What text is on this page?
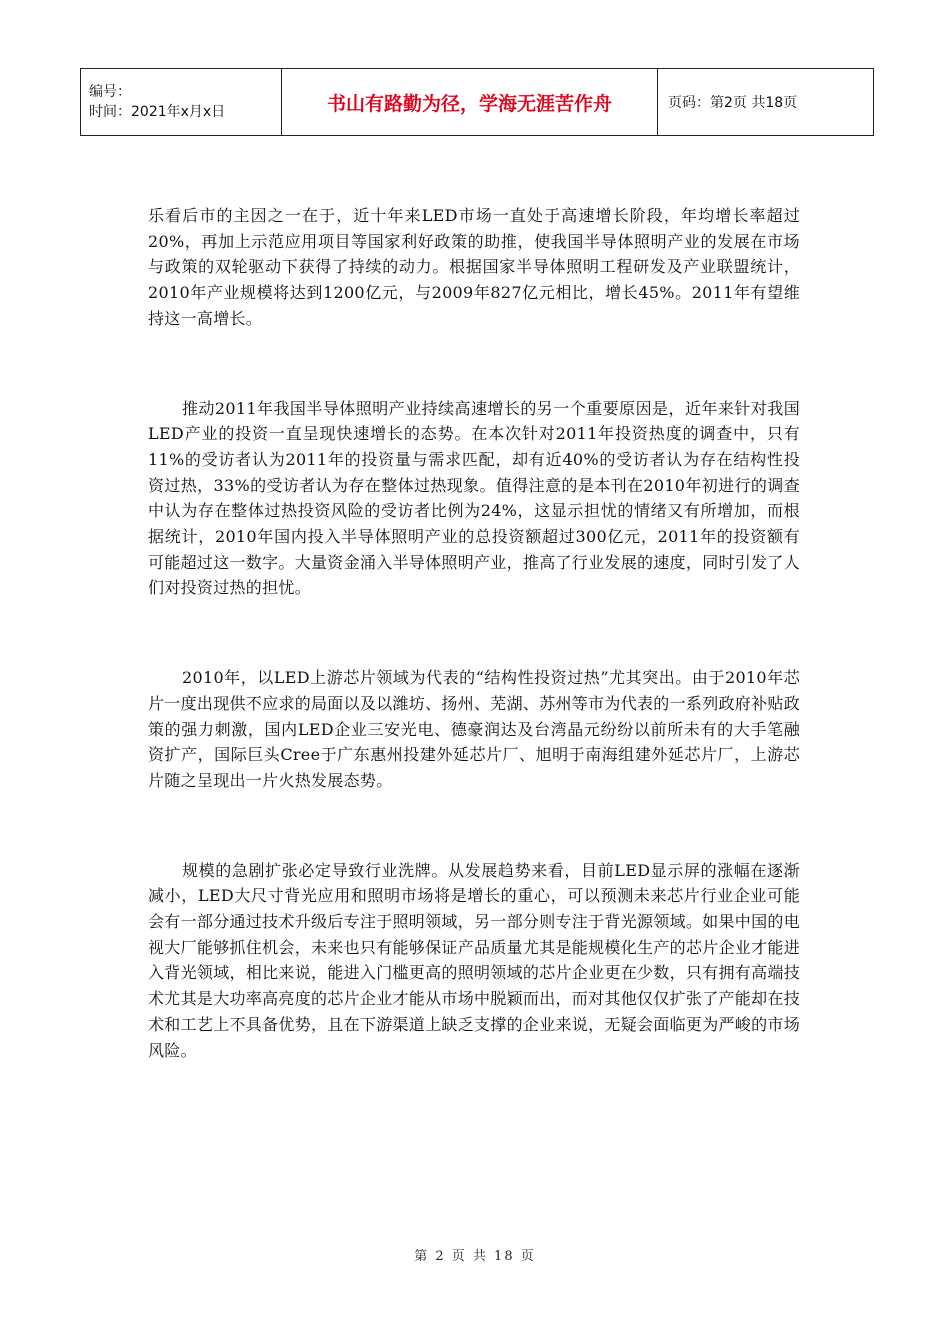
编号：
时间：2021年x月x日	书山有路勤为径，学海无涯苦作舟	页码：第2页 共18页

乐看后市的主因之一在于，近十年来LED市场一直处于高速增长阶段，年均增长率超过20%，再加上示范应用项目等国家利好政策的助推，使我国半导体照明产业的发展在市场与政策的双轮驱动下获得了持续的动力。根据国家半导体照明工程研发及产业联盟统计，2010年产业规模将达到1200亿元，与2009年827亿元相比，增长45%。2011年有望维持这一高增长。

推动2011年我国半导体照明产业持续高速增长的另一个重要原因是，近年来针对我国LED产业的投资一直呈现快速增长的态势。在本次针对2011年投资热度的调查中，只有11%的受访者认为2011年的投资量与需求匹配，却有近40%的受访者认为存在结构性投资过热，33%的受访者认为存在整体过热现象。值得注意的是本刊在2010年初进行的调查中认为存在整体过热投资风险的受访者比例为24%，这显示担忧的情绪又有所增加，而根据统计，2010年国内投入半导体照明产业的总投资额超过300亿元，2011年的投资额有可能超过这一数字。大量资金涌入半导体照明产业，推高了行业发展的速度，同时引发了人们对投资过热的担忧。

2010年，以LED上游芯片领域为代表的“结构性投资过热”尤其突出。由于2010年芯片一度出现供不应求的局面以及以潍坊、扬州、芜湖、苏州等市为代表的一系列政府补贴政策的强力刺激，国内LED企业三安光电、德豪润达及台湾晶元纷纷以前所未有的大手笔融资扩产，国际巨头Cree于广东惠州投建外延芯片厂、旭明于南海组建外延芯片厂，上游芯片随之呈现出一片火热发展态势。

规模的急剧扩张必定导致行业洗牌。从发展趋势来看，目前LED显示屏的涨幅在逐渐减小，LED大尺寸背光应用和照明市场将是增长的重心，可以预测未来芯片行业企业可能会有一部分通过技术升级后专注于照明领域，另一部分则专注于背光源领域。如果中国的电视大厂能够抓住机会，未来也只有能够保证产品质量尤其是能规模化生产的芯片企业才能进入背光领域，相比来说，能进入门槛更高的照明领域的芯片企业更在少数，只有拥有高端技术尤其是大功率高亮度的芯片企业才能从市场中脱颖而出，而对其他仅仅扩张了产能却在技术和工艺上不具备优势，且在下游渠道上缺乏支撑的企业来说，无疑会面临更为严峻的市场风险。

第 2 页 共 18 页
